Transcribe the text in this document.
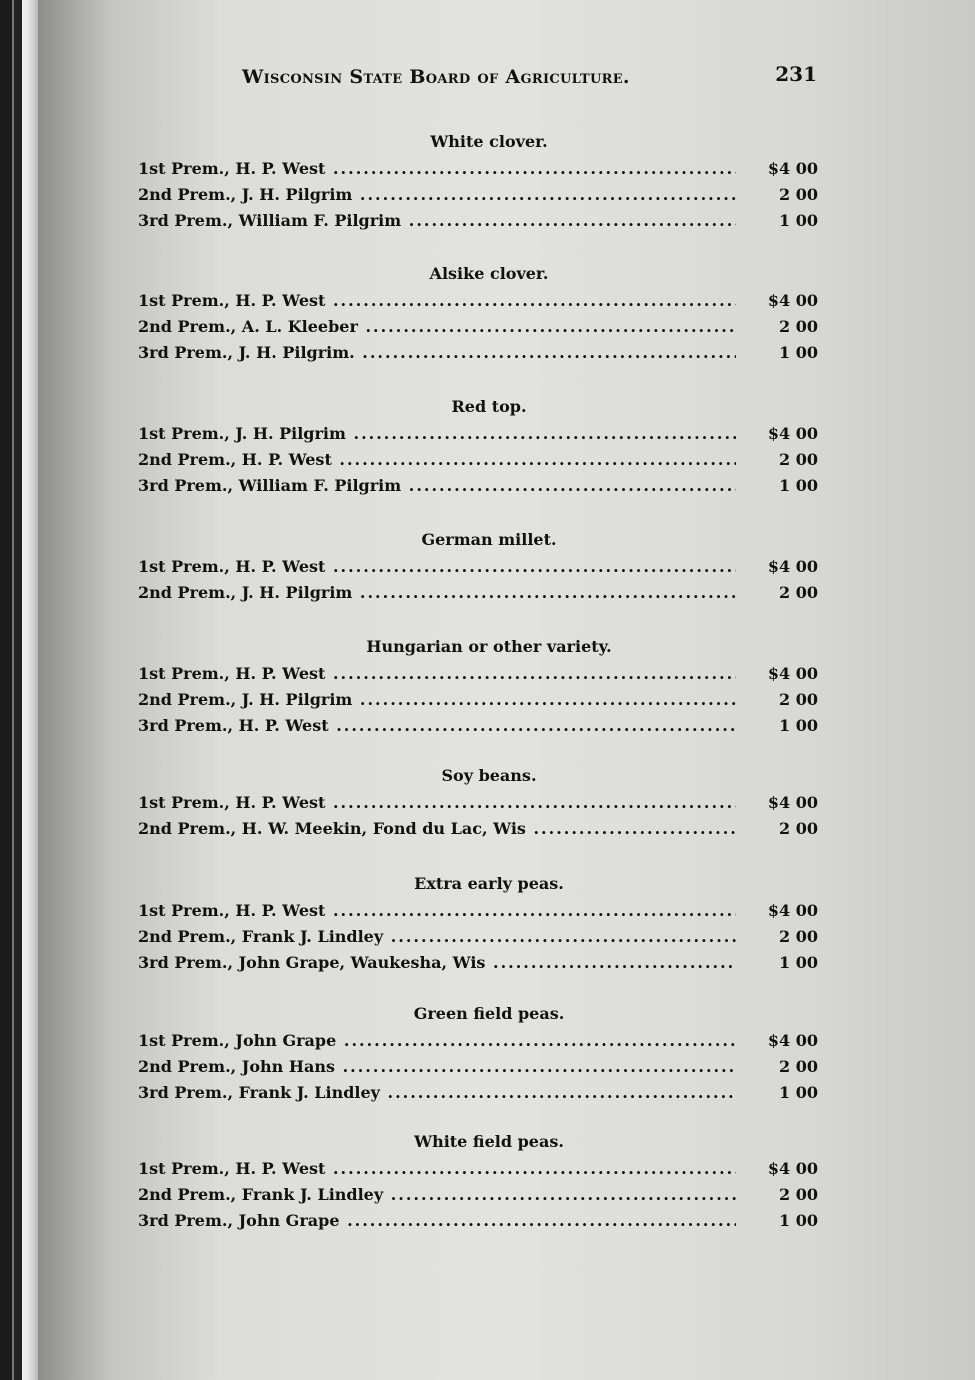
Wisconsin State Board of Agriculture.	231
White clover.
1st Prem., H. P. West .....	$4 00
2nd Prem., J. H. Pilgrim .....	2 00
3rd Prem., William F. Pilgrim .....	1 00
Alsike clover.
1st Prem., H. P. West .....	$4 00
2nd Prem., A. L. Kleeber .....	2 00
3rd Prem., J. H. Pilgrim. .....	1 00
Red top.
1st Prem., J. H. Pilgrim .....	$4 00
2nd Prem., H. P. West .....	2 00
3rd Prem., William F. Pilgrim .....	1 00
German millet.
1st Prem., H. P. West .....	$4 00
2nd Prem., J. H. Pilgrim .....	2 00
Hungarian or other variety.
1st Prem., H. P. West .....	$4 00
2nd Prem., J. H. Pilgrim .....	2 00
3rd Prem., H. P. West .....	1 00
Soy beans.
1st Prem., H. P. West .....	$4 00
2nd Prem., H. W. Meekin, Fond du Lac, Wis .....	2 00
Extra early peas.
1st Prem., H. P. West .....	$4 00
2nd Prem., Frank J. Lindley .....	2 00
3rd Prem., John Grape, Waukesha, Wis .....	1 00
Green field peas.
1st Prem., John Grape .....	$4 00
2nd Prem., John Hans .....	2 00
3rd Prem., Frank J. Lindley .....	1 00
White field peas.
1st Prem., H. P. West .....	$4 00
2nd Prem., Frank J. Lindley .....	2 00
3rd Prem., John Grape .....	1 00
